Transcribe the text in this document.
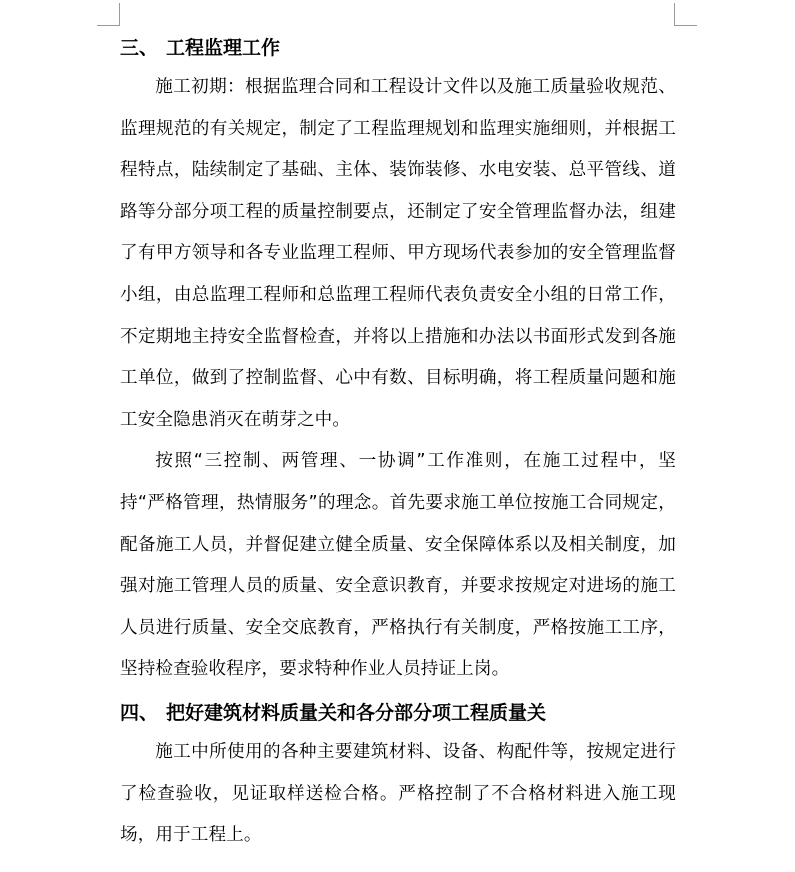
三、 工程监理工作

施工初期：根据监理合同和工程设计文件以及施工质量验收规范、监理规范的有关规定，制定了工程监理规划和监理实施细则，并根据工程特点，陆续制定了基础、主体、装饰装修、水电安装、总平管线、道路等分部分项工程的质量控制要点，还制定了安全管理监督办法，组建了有甲方领导和各专业监理工程师、甲方现场代表参加的安全管理监督小组，由总监理工程师和总监理工程师代表负责安全小组的日常工作，不定期地主持安全监督检查，并将以上措施和办法以书面形式发到各施工单位，做到了控制监督、心中有数、目标明确，将工程质量问题和施工安全隐患消灭在萌芽之中。

按照“三控制、两管理、一协调”工作准则，在施工过程中，坚持“严格管理，热情服务”的理念。首先要求施工单位按施工合同规定，配备施工人员，并督促建立健全质量、安全保障体系以及相关制度，加强对施工管理人员的质量、安全意识教育，并要求按规定对进场的施工人员进行质量、安全交底教育，严格执行有关制度，严格按施工工序，坚持检查验收程序，要求特种作业人员持证上岗。

四、 把好建筑材料质量关和各分部分项工程质量关

施工中所使用的各种主要建筑材料、设备、构配件等，按规定进行了检查验收，见证取样送检合格。严格控制了不合格材料进入施工现场，用于工程上。
